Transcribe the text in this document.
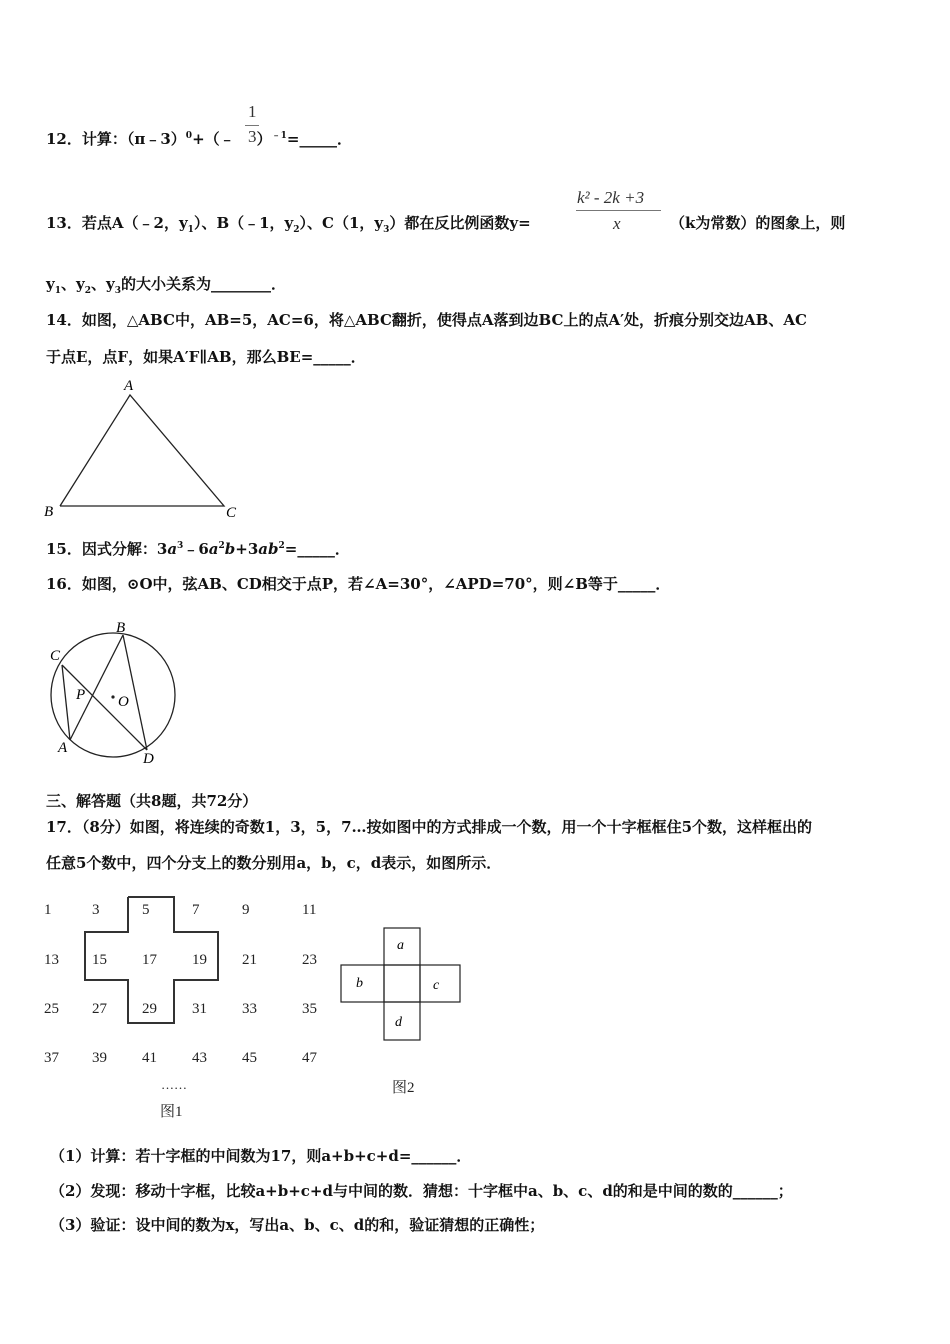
12．计算：（π﹣3）$^0$+（﹣ ）$^{﹣1}$=_____．
1
3
13．若点A（﹣2，$y_1$）、B（﹣1，$y_2$）、C（1，$y_3$）都在反比例函数y=
k² - 2k +3
x	（k为常数）的图象上，则
$y_1$、$y_2$、$y_3$的大小关系为________．
14．如图，△ABC中，AB=5，AC=6，将△ABC翻折，使得点A落到边BC上的点A′处，折痕分别交边AB、AC
于点E，点F，如果A′F∥AB，那么BE=_____．
A
B	C
15．因式分解：$3a^3﹣6a^2b+3ab^2=\_\_\_\_\_$．
16．如图，⊙O中，弦AB、CD相交于点P，若∠A=30°，∠APD=70°，则∠B等于_____．
B
C
P O
A
D
三、解答题（共8题，共72分）
17．（8分）如图，将连续的奇数1，3，5，7…按如图中的方式排成一个数，用一个十字框框住5个数，这样框出的
任意5个数中，四个分支上的数分别用a，b，c，d表示，如图所示．
1	3	5	7	9	11
13 15 17 19 21	23
25 27 29 31 33	35
37 39 41 43 45	47
……
图1
a
b	c
d
图2
（1）计算：若十字框的中间数为17，则a+b+c+d=______．
（2）发现：移动十字框，比较a+b+c+d与中间的数．猜想：十字框中a、b、c、d的和是中间的数的______；
（3）验证：设中间的数为x，写出a、b、c、d的和，验证猜想的正确性；
